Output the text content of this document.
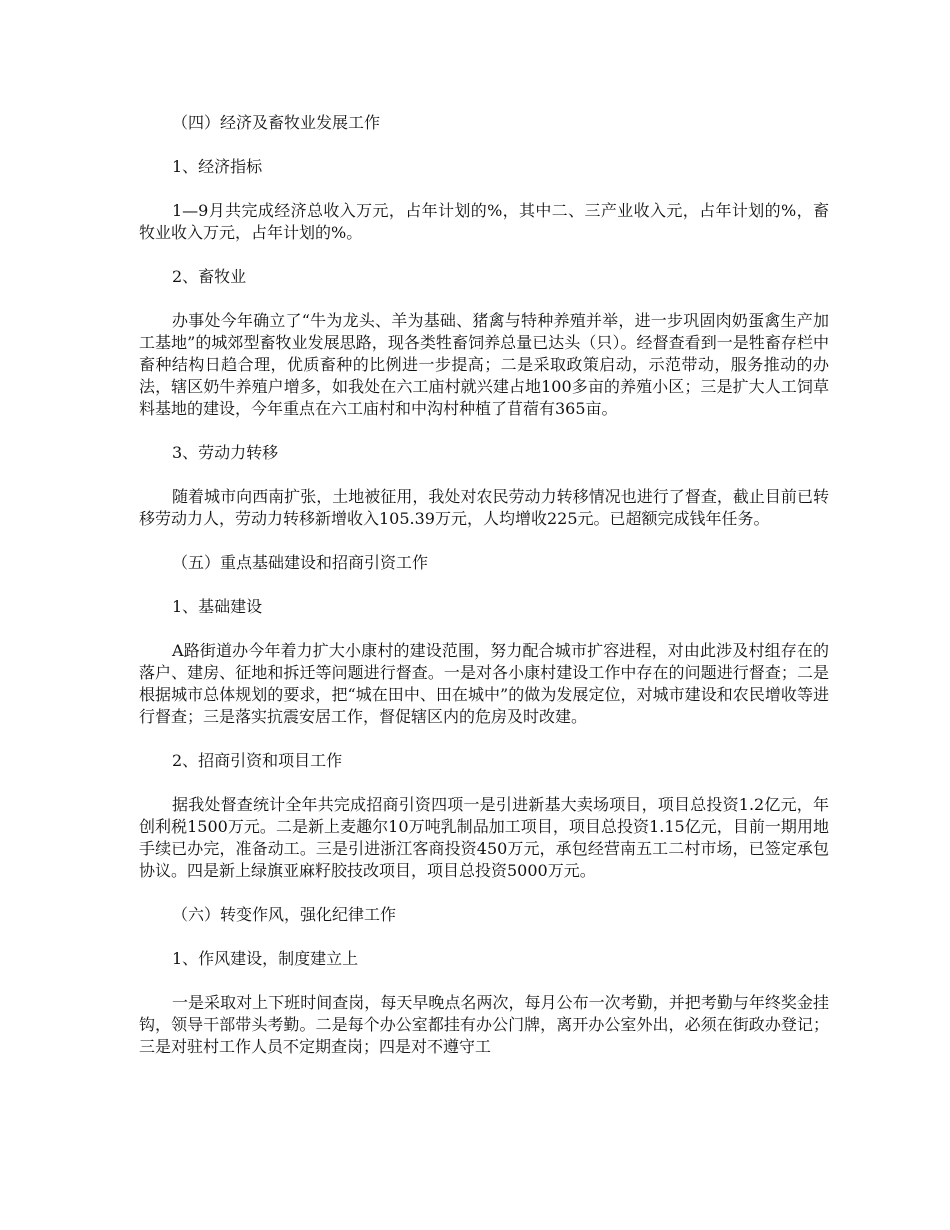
（四）经济及畜牧业发展工作

1、经济指标

1—9月共完成经济总收入万元，占年计划的%，其中二、三产业收入元，占年计划的%，畜牧业收入万元，占年计划的%。

2、畜牧业

办事处今年确立了“牛为龙头、羊为基础、猪禽与特种养殖并举，进一步巩固肉奶蛋禽生产加工基地”的城郊型畜牧业发展思路，现各类牲畜饲养总量已达头（只）。经督查看到一是牲畜存栏中畜种结构日趋合理，优质畜种的比例进一步提高；二是采取政策启动，示范带动，服务推动的办法，辖区奶牛养殖户增多，如我处在六工庙村就兴建占地100多亩的养殖小区；三是扩大人工饲草料基地的建设，今年重点在六工庙村和中沟村种植了苜蓿有365亩。

3、劳动力转移

随着城市向西南扩张，土地被征用，我处对农民劳动力转移情况也进行了督查，截止目前已转移劳动力人，劳动力转移新增收入105.39万元，人均增收225元。已超额完成钱年任务。

（五）重点基础建设和招商引资工作

1、基础建设

A路街道办今年着力扩大小康村的建设范围，努力配合城市扩容进程，对由此涉及村组存在的落户、建房、征地和拆迁等问题进行督查。一是对各小康村建设工作中存在的问题进行督查；二是根据城市总体规划的要求，把“城在田中、田在城中”的做为发展定位，对城市建设和农民增收等进行督查；三是落实抗震安居工作，督促辖区内的危房及时改建。

2、招商引资和项目工作

据我处督查统计全年共完成招商引资四项一是引进新基大卖场项目，项目总投资1.2亿元，年创利税1500万元。二是新上麦趣尔10万吨乳制品加工项目，项目总投资1.15亿元，目前一期用地手续已办完，准备动工。三是引进浙江客商投资450万元，承包经营南五工二村市场，已签定承包协议。四是新上绿旗亚麻籽胶技改项目，项目总投资5000万元。

（六）转变作风，强化纪律工作

1、作风建设，制度建立上

一是采取对上下班时间查岗，每天早晚点名两次，每月公布一次考勤，并把考勤与年终奖金挂钩，领导干部带头考勤。二是每个办公室都挂有办公门牌，离开办公室外出，必须在街政办登记；三是对驻村工作人员不定期查岗；四是对不遵守工
